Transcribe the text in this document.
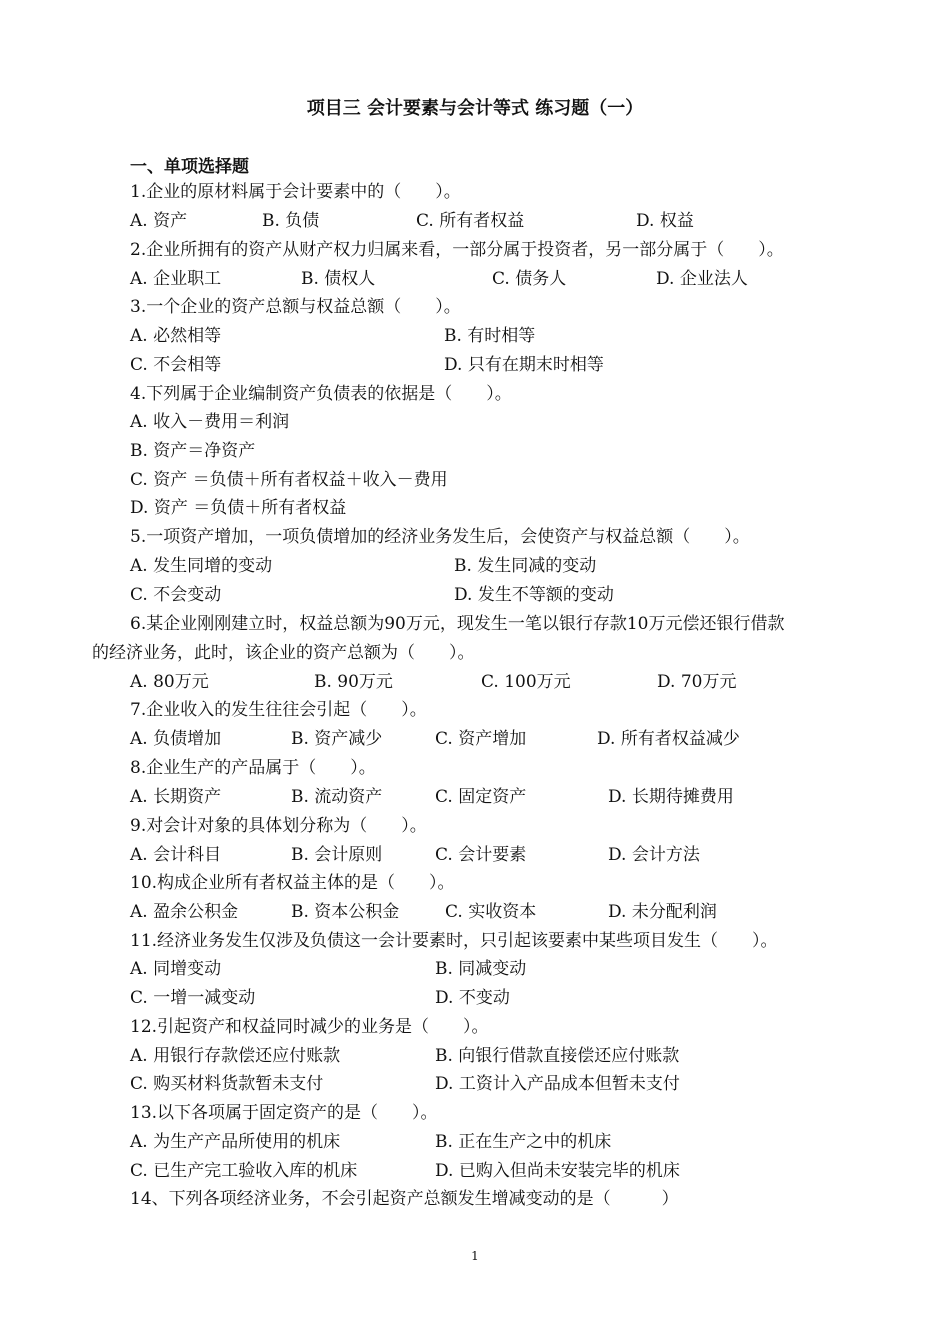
项目三 会计要素与会计等式 练习题（一）
一、单项选择题
1.企业的原材料属于会计要素中的（　　）。
A. 资产	B. 负债	C. 所有者权益	D. 权益
2.企业所拥有的资产从财产权力归属来看，一部分属于投资者，另一部分属于（　　）。
A. 企业职工	B. 债权人	C. 债务人	D. 企业法人
3.一个企业的资产总额与权益总额（　　）。
A. 必然相等	B. 有时相等
C. 不会相等	D. 只有在期末时相等
4.下列属于企业编制资产负债表的依据是（　　）。
A. 收入－费用＝利润
B. 资产＝净资产
C. 资产 ＝负债＋所有者权益＋收入－费用
D. 资产 ＝负债＋所有者权益
5.一项资产增加，一项负债增加的经济业务发生后，会使资产与权益总额（　　）。
A. 发生同增的变动	B. 发生同减的变动
C. 不会变动	D. 发生不等额的变动
6.某企业刚刚建立时，权益总额为90万元，现发生一笔以银行存款10万元偿还银行借款
的经济业务，此时，该企业的资产总额为（　　）。
A. 80万元	B. 90万元	C. 100万元	D. 70万元
7.企业收入的发生往往会引起（　　）。
A. 负债增加	B. 资产减少	C. 资产增加	D. 所有者权益减少
8.企业生产的产品属于（　　）。
A. 长期资产	B. 流动资产	C. 固定资产	D. 长期待摊费用
9.对会计对象的具体划分称为（　　）。
A. 会计科目	B. 会计原则	C. 会计要素	D. 会计方法
10.构成企业所有者权益主体的是（　　）。
A. 盈余公积金	B. 资本公积金	C. 实收资本	D. 未分配利润
11.经济业务发生仅涉及负债这一会计要素时，只引起该要素中某些项目发生（　　）。
A. 同增变动	B. 同减变动
C. 一增一减变动	D. 不变动
12.引起资产和权益同时减少的业务是（　　）。
A. 用银行存款偿还应付账款	B. 向银行借款直接偿还应付账款
C. 购买材料货款暂未支付	D. 工资计入产品成本但暂未支付
13.以下各项属于固定资产的是（　　）。
A. 为生产产品所使用的机床	B. 正在生产之中的机床
C. 已生产完工验收入库的机床	D. 已购入但尚未安装完毕的机床
14、下列各项经济业务，不会引起资产总额发生增减变动的是（　　　）
1
